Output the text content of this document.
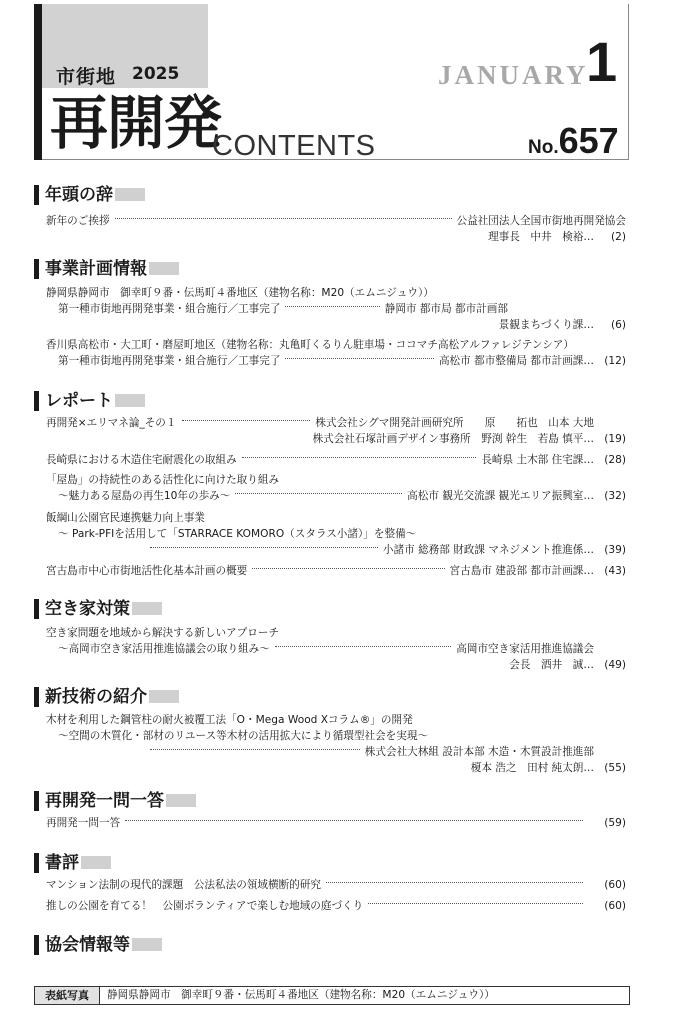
市街地 2025
再開発
CONTENTS
JANUARY
1
No.657
年頭の辞
新年のご挨拶	公益社団法人全国市街地再開発協会
理事長　中井　検裕… (2)
事業計画情報
静岡県静岡市　御幸町９番・伝馬町４番地区（建物名称：M20（エムニジュウ））
第一種市街地再開発事業・組合施行／工事完了	静岡市 都市局 都市計画部
景観まちづくり課… (6)
香川県高松市・大工町・磨屋町地区（建物名称：丸亀町くるりん駐車場・ココマチ高松アルファレジテンシア）
第一種市街地再開発事業・組合施行／工事完了	高松市 都市整備局 都市計画課… (12)
レポート
再開発×エリマネ論_その１	株式会社シグマ開発計画研究所　　原　　拓也　山本 大地
株式会社石塚計画デザイン事務所　野渕 幹生　若島 慎平… (19)
長崎県における木造住宅耐震化の取組み	長崎県 土木部 住宅課… (28)
「屋島」の持続性のある活性化に向けた取り組み
～魅力ある屋島の再生10年の歩み～	高松市 観光交流課 観光エリア振興室… (32)
飯綱山公園官民連携魅力向上事業
～ Park-PFIを活用して「STARRACE KOMORO（スタラス小諸）」を整備～
小諸市 総務部 財政課 マネジメント推進係… (39)
宮古島市中心市街地活性化基本計画の概要	宮古島市 建設部 都市計画課… (43)
空き家対策
空き家問題を地域から解決する新しいアプローチ
～高岡市空き家活用推進協議会の取り組み～	高岡市空き家活用推進協議会
会長　酒井　誠… (49)
新技術の紹介
木材を利用した鋼管柱の耐火被覆工法「O・Mega Wood Xコラム®」の開発
～空間の木質化・部材のリユース等木材の活用拡大により循環型社会を実現～
株式会社大林組 設計本部 木造・木質設計推進部
榎本 浩之　田村 純太朗… (55)
再開発一問一答
再開発一問一答	(59)
書評
マンション法制の現代的課題　公法私法の領域横断的研究	(60)
推しの公園を育てる！　公園ボランティアで楽しむ地域の庭づくり	(60)
協会情報等
表紙写真	静岡県静岡市　御幸町９番・伝馬町４番地区（建物名称：M20（エムニジュウ））
